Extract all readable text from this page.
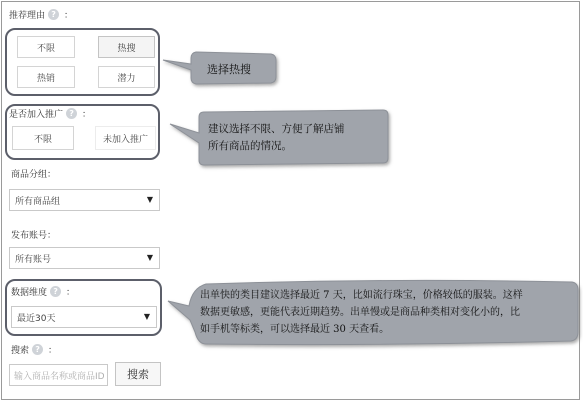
推荐理由 ? ：
不限	热搜
热销	潜力
是否加入推广 ? ：
不限	未加入推广
商品分组：
所有商品组	▼
发布账号：
所有账号	▼
数据维度 ? ：
最近30天	▼
搜索 ? ：
输入商品名称或商品ID	搜索
选择热搜
建议选择不限、方便了解店铺
所有商品的情况。
出单快的类目建议选择最近 7 天，比如流行珠宝，价格较低的服装。这样
数据更敏感，更能代表近期趋势。出单慢或是商品种类相对变化小的，比
如手机等标类，可以选择最近 30 天查看。
